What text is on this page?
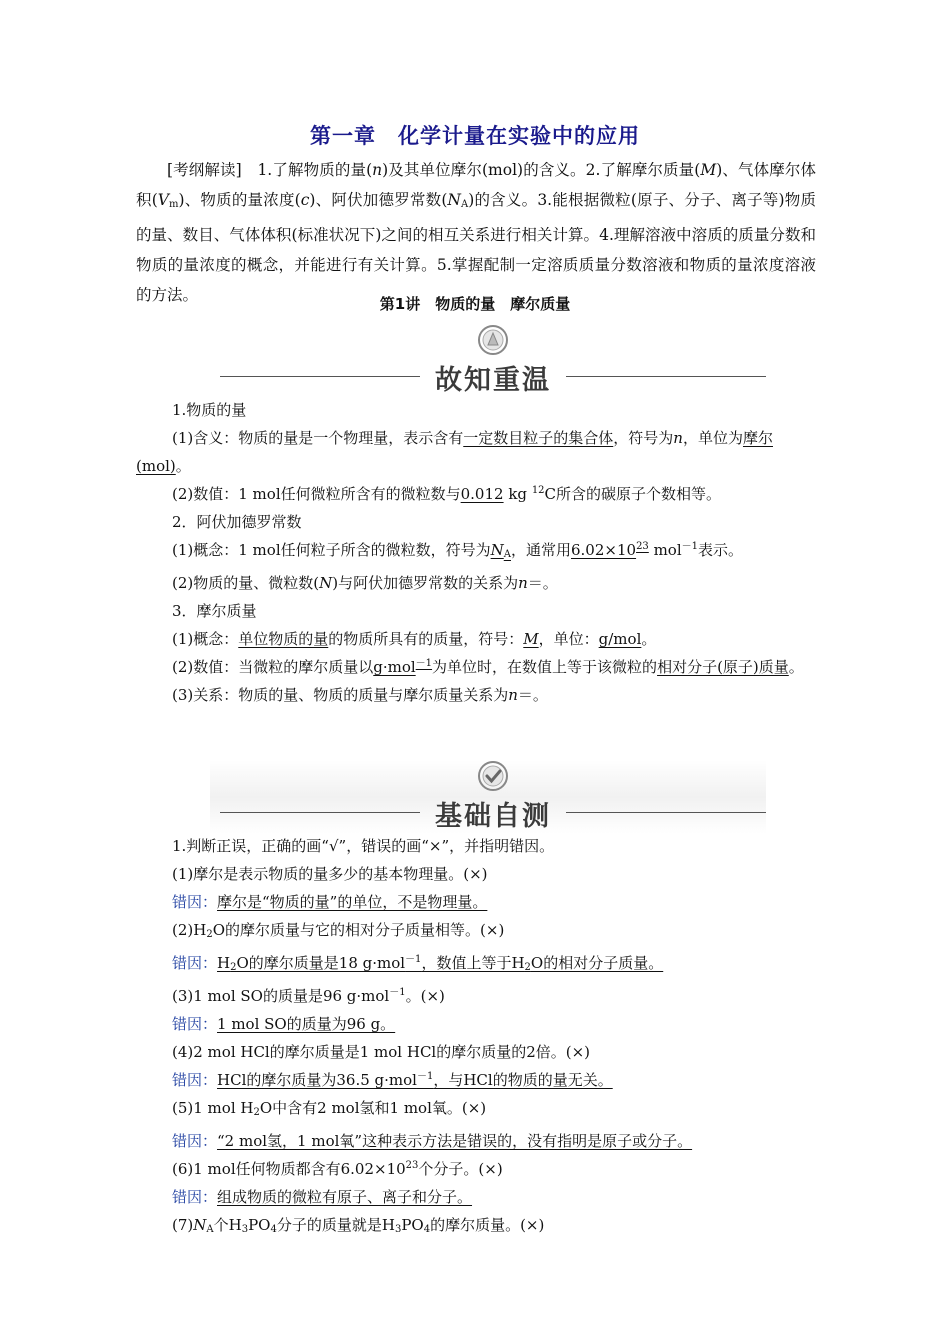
第一章　化学计量在实验中的应用
[考纲解读]　1.了解物质的量(n)及其单位摩尔(mol)的含义。2.了解摩尔质量(M)、气体摩尔体积$(V_m)$、物质的量浓度(c)、阿伏加德罗常数$(N_A)$的含义。3.能根据微粒(原子、分子、离子等)物质的量、数目、气体体积(标准状况下)之间的相互关系进行相关计算。4.理解溶液中溶质的质量分数和物质的量浓度的概念，并能进行有关计算。5.掌握配制一定溶质质量分数溶液和物质的量浓度溶液的方法。	第1讲　物质的量　摩尔质量
故知重温

1.物质的量

(1)含义：物质的量是一个物理量，表示含有一定数目粒子的集合体，符号为n，单位为摩尔(mol)。

(2)数值：1 mol任何微粒所含有的微粒数与0.012 kg $^{12}$C所含的碳原子个数相等。

2．阿伏加德罗常数

(1)概念：1 mol任何粒子所含的微粒数，符号为$N_A$，通常用$6.02\times 10^{23}$ mol$^{-1}$表示。

(2)物质的量、微粒数(N)与阿伏加德罗常数的关系为n＝。

3．摩尔质量

(1)概念：单位物质的量的物质所具有的质量，符号：M，单位：g/mol。

(2)数值：当微粒的摩尔质量以g·mol$^{-1}$为单位时，在数值上等于该微粒的相对分子(原子)质量。

(3)关系：物质的量、物质的质量与摩尔质量关系为n＝。

基础自测

1.判断正误，正确的画“√”，错误的画“×”，并指明错因。

(1)摩尔是表示物质的量多少的基本物理量。(×)

错因：摩尔是“物质的量”的单位，不是物理量。

$(2)H_2O$的摩尔质量与它的相对分子质量相等。(×)

错因：$H_2O$的摩尔质量是18 g·mol$^{-1}$，数值上等于$H_2O$的相对分子质量。

(3)1 mol SO的质量是96 g·mol$^{-1}$。(×)

错因：1 mol SO的质量为96 g。

(4)2 mol HCl的摩尔质量是1 mol HCl的摩尔质量的2倍。(×)

错因：HCl的摩尔质量为36.5 g·mol$^{-1}$，与HCl的物质的量无关。

(5)1 mol $H_2O$中含有2 mol氢和1 mol氧。(×)

错因：“2 mol氢，1 mol氧”这种表示方法是错误的，没有指明是原子或分子。

(6)1 mol任何物质都含有$6.02\times 10^{23}$个分子。(×)

错因：组成物质的微粒有原子、离子和分子。

$(7)N_A$个$H_3PO_4$分子的质量就是$H_3PO_4$的摩尔质量。(×)
